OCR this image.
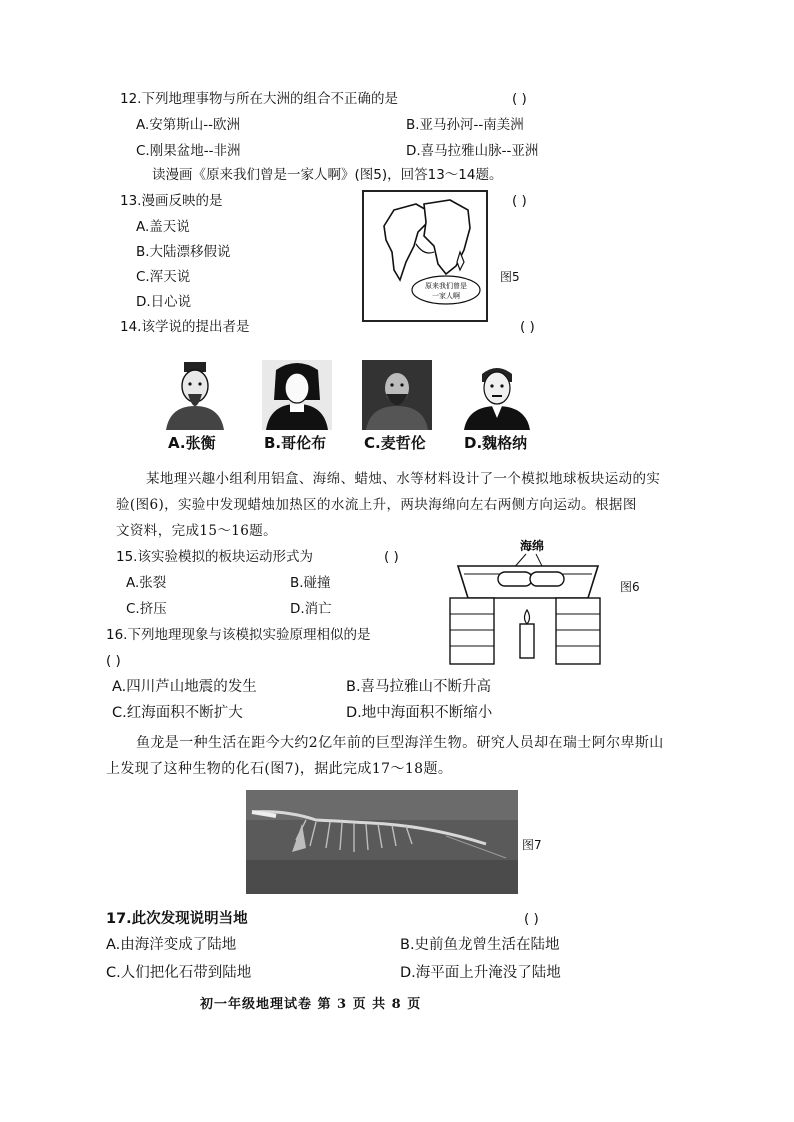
12.下列地理事物与所在大洲的组合不正确的是	( )
A.安第斯山--欧洲	B.亚马孙河--南美洲
C.刚果盆地--非洲	D.喜马拉雅山脉--亚洲
读漫画《原来我们曾是一家人啊》(图5)，回答13～14题。
13.漫画反映的是	( )
A.盖天说
B.大陆漂移假说
C.浑天说
D.日心说
原来我们曾是
一家人啊
图5
14.该学说的提出者是	( )
A.张衡	B.哥伦布	C.麦哲伦	D.魏格纳
某地理兴趣小组利用铝盒、海绵、蜡烛、水等材料设计了一个模拟地球板块运动的实
验(图6)，实验中发现蜡烛加热区的水流上升，两块海绵向左右两侧方向运动。根据图
文资料，完成15～16题。
15.该实验模拟的板块运动形式为	( )
A.张裂	B.碰撞
C.挤压	D.消亡
海绵
图6
16.下列地理现象与该模拟实验原理相似的是
( )
A.四川芦山地震的发生	B.喜马拉雅山不断升高
C.红海面积不断扩大	D.地中海面积不断缩小
鱼龙是一种生活在距今大约2亿年前的巨型海洋生物。研究人员却在瑞士阿尔卑斯山
上发现了这种生物的化石(图7)，据此完成17～18题。
图7
17.此次发现说明当地	( )
A.由海洋变成了陆地	B.史前鱼龙曾生活在陆地
C.人们把化石带到陆地	D.海平面上升淹没了陆地
初一年级地理试卷 第 3 页 共 8 页
